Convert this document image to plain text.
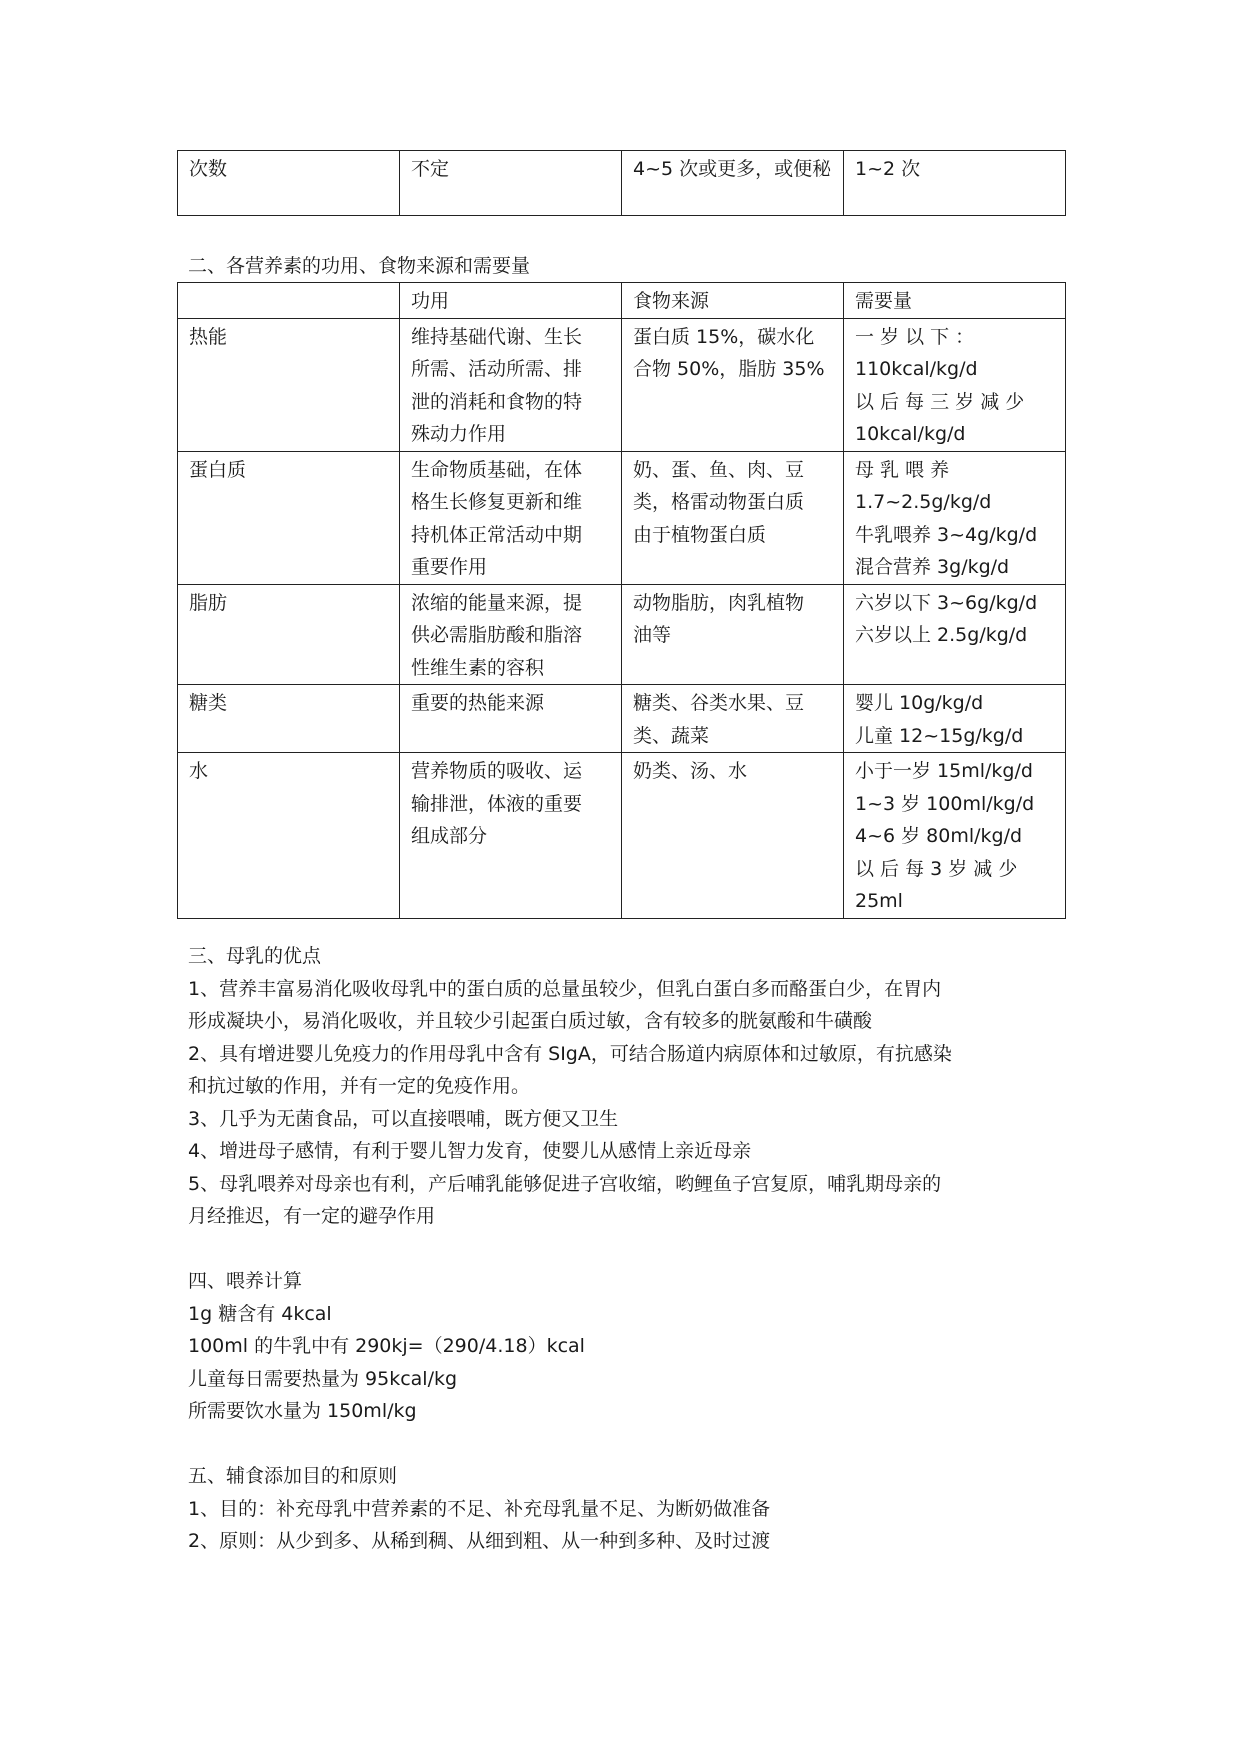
次数	不定	4~5 次或更多，或便秘	1~2 次
二、各营养素的功用、食物来源和需要量
	功用	食物来源	需要量
热能	维持基础代谢、生长
所需、活动所需、排
泄的消耗和食物的特
殊动力作用	蛋白质 15%，碳水化
合物 50%，脂肪 35%	一 岁 以 下 ：
110kcal/kg/d
以 后 每 三 岁 减 少
10kcal/kg/d

蛋白质	生命物质基础，在体
格生长修复更新和维
持机体正常活动中期
重要作用	奶、蛋、鱼、肉、豆
类，格雷动物蛋白质
由于植物蛋白质	母 乳 喂 养
1.7~2.5g/kg/d
牛乳喂养 3~4g/kg/d
混合营养 3g/kg/d

脂肪	浓缩的能量来源，提
供必需脂肪酸和脂溶
性维生素的容积	动物脂肪，肉乳植物
油等	六岁以下 3~6g/kg/d
六岁以上 2.5g/kg/d

糖类	重要的热能来源	糖类、谷类水果、豆
类、蔬菜	婴儿 10g/kg/d
儿童 12~15g/kg/d

水	营养物质的吸收、运
输排泄，体液的重要
组成部分	奶类、汤、水	小于一岁 15ml/kg/d
1~3 岁 100ml/kg/d
4~6 岁 80ml/kg/d
以 后 每 3 岁 减 少
25ml

三、母乳的优点

1、营养丰富易消化吸收母乳中的蛋白质的总量虽较少，但乳白蛋白多而酪蛋白少，在胃内

形成凝块小，易消化吸收，并且较少引起蛋白质过敏，含有较多的胱氨酸和牛磺酸

2、具有增进婴儿免疫力的作用母乳中含有 SIgA，可结合肠道内病原体和过敏原，有抗感染

和抗过敏的作用，并有一定的免疫作用。

3、几乎为无菌食品，可以直接喂哺，既方便又卫生

4、增进母子感情，有利于婴儿智力发育，使婴儿从感情上亲近母亲

5、母乳喂养对母亲也有利，产后哺乳能够促进子宫收缩，哟鲤鱼子宫复原，哺乳期母亲的

月经推迟，有一定的避孕作用

四、喂养计算

1g 糖含有 4kcal

100ml 的牛乳中有 290kj=（290/4.18）kcal

儿童每日需要热量为 95kcal/kg

所需要饮水量为 150ml/kg

五、辅食添加目的和原则

1、目的：补充母乳中营养素的不足、补充母乳量不足、为断奶做准备

2、原则：从少到多、从稀到稠、从细到粗、从一种到多种、及时过渡
